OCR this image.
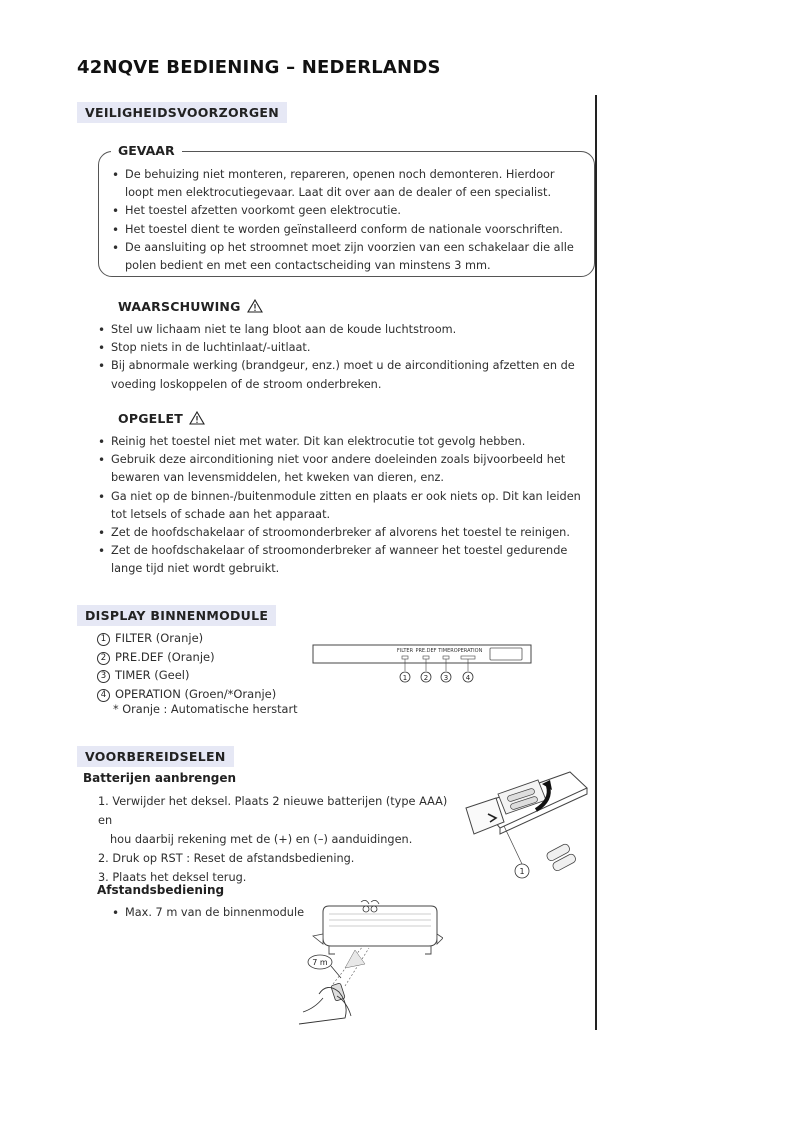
42NQVE BEDIENING – NEDERLANDS
VEILIGHEIDSVOORZORGEN
GEVAAR
• De behuizing niet monteren, repareren, openen noch demonteren. Hierdoor loopt men elektrocutiegevaar. Laat dit over aan de dealer of een specialist.
• Het toestel afzetten voorkomt geen elektrocutie.
• Het toestel dient te worden geïnstalleerd conform de nationale voorschriften.
• De aansluiting op het stroomnet moet zijn voorzien van een schakelaar die alle polen bedient en met een contactscheiding van minstens 3 mm.
WAARSCHUWING
• Stel uw lichaam niet te lang bloot aan de koude luchtstroom.
• Stop niets in de luchtinlaat/-uitlaat.
• Bij abnormale werking (brandgeur, enz.) moet u de airconditioning afzetten en de voeding loskoppelen of de stroom onderbreken.
OPGELET
• Reinig het toestel niet met water. Dit kan elektrocutie tot gevolg hebben.
• Gebruik deze airconditioning niet voor andere doeleinden zoals bijvoorbeeld het bewaren van levensmiddelen, het kweken van dieren, enz.
• Ga niet op de binnen-/buitenmodule zitten en plaats er ook niets op. Dit kan leiden tot letsels of schade aan het apparaat.
• Zet de hoofdschakelaar of stroomonderbreker af alvorens het toestel te reinigen.
• Zet de hoofdschakelaar of stroomonderbreker af wanneer het toestel gedurende lange tijd niet wordt gebruikt.
DISPLAY BINNENMODULE
1 FILTER (Oranje)
2 PRE.DEF (Oranje)
3 TIMER (Geel)
4 OPERATION (Groen/*Oranje)
* Oranje : Automatische herstart
FILTER PRE.DEF TIMER OPERATION
1 2 3	4
VOORBEREIDSELEN
Batterijen aanbrengen
1. Verwijder het deksel. Plaats 2 nieuwe batterijen (type AAA) en
hou daarbij rekening met de (+) en (–) aanduidingen.
2. Druk op RST : Reset de afstandsbediening.
3. Plaats het deksel terug.	1
Afstandsbediening
• Max. 7 m van de binnenmodule
7 m
